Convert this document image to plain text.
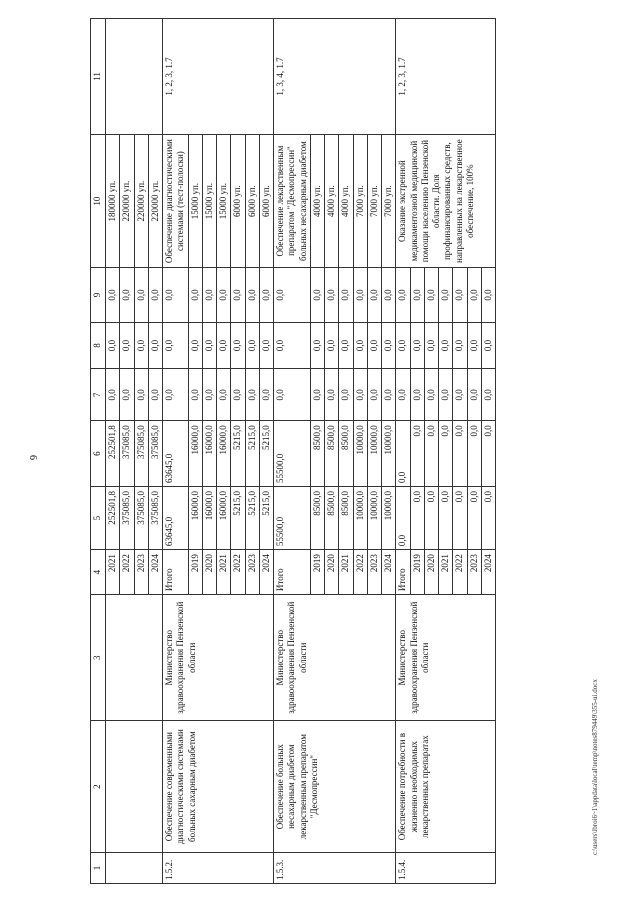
6
c:\users\ibroi6~1\appdata\local\temp\notes879449\355-ui.docx
1	2	3	4	5	6	7	8	9	10	11
			2021	252501,8	252501,8	0,0	0,0	0,0	180000 уп.	
			2022	375085,0	375085,0	0,0	0,0	0,0	220000 уп.	
			2023	375085,0	375085,0	0,0	0,0	0,0	220000 уп.	
			2024	375085,0	375085,0	0,0	0,0	0,0	220000 уп.	
1.5.2.	Обеспечение современными диагностическими системами больных сахарным диабетом	Министерство здравоохранения Пензенской области	Итого	63645,0	63645,0	0,0	0,0	0,0	Обеспечение диагностическими системами (тест-полоски)	1, 2, 3, 1.7
			2019	16000,0	16000,0	0,0	0,0	0,0	15000 уп.	
			2020	16000,0	16000,0	0,0	0,0	0,0	15000 уп.	
			2021	16000,0	16000,0	0,0	0,0	0,0	15000 уп.	
			2022	5215,0	5215,0	0,0	0,0	0,0	6000 уп.	
			2023	5215,0	5215,0	0,0	0,0	0,0	6000 уп.	
			2024	5215,0	5215,0	0,0	0,0	0,0	6000 уп.	
1.5.3.	Обеспечение больных несахарным диабетом лекарственным препаратом "Десмопрессин"	Министерство здравоохранения Пензенской области	Итого	55500,0	55500,0	0,0	0,0	0,0	Обеспечение лекарственным препаратом "Десмопрессин" больных несахарным диабетом	1, 3, 4, 1.7
			2019	8500,0	8500,0	0,0	0,0	0,0	4000 уп.	
			2020	8500,0	8500,0	0,0	0,0	0,0	4000 уп.	
			2021	8500,0	8500,0	0,0	0,0	0,0	4000 уп.	
			2022	10000,0	10000,0	0,0	0,0	0,0	7000 уп.	
			2023	10000,0	10000,0	0,0	0,0	0,0	7000 уп.	
			2024	10000,0	10000,0	0,0	0,0	0,0	7000 уп.	
1.5.4.	Обеспечение потребности в жизненно необходимых лекарственных препаратах	Министерство здравоохранения Пензенской области	Итого	0,0	0,0	0,0	0,0	0,0	Оказание экстренной медикаментозной медицинской помощи населению Пензенской области. Доля профинансированных средств, направленных на лекарственное обеспечение, 100%	1, 2, 3, 1.7
			2019	0,0	0,0	0,0	0,0	0,0		
			2020	0,0	0,0	0,0	0,0	0,0		
			2021	0,0	0,0	0,0	0,0	0,0		
			2022	0,0	0,0	0,0	0,0	0,0		
			2023	0,0	0,0	0,0	0,0	0,0		
			2024	0,0	0,0	0,0	0,0	0,0		
